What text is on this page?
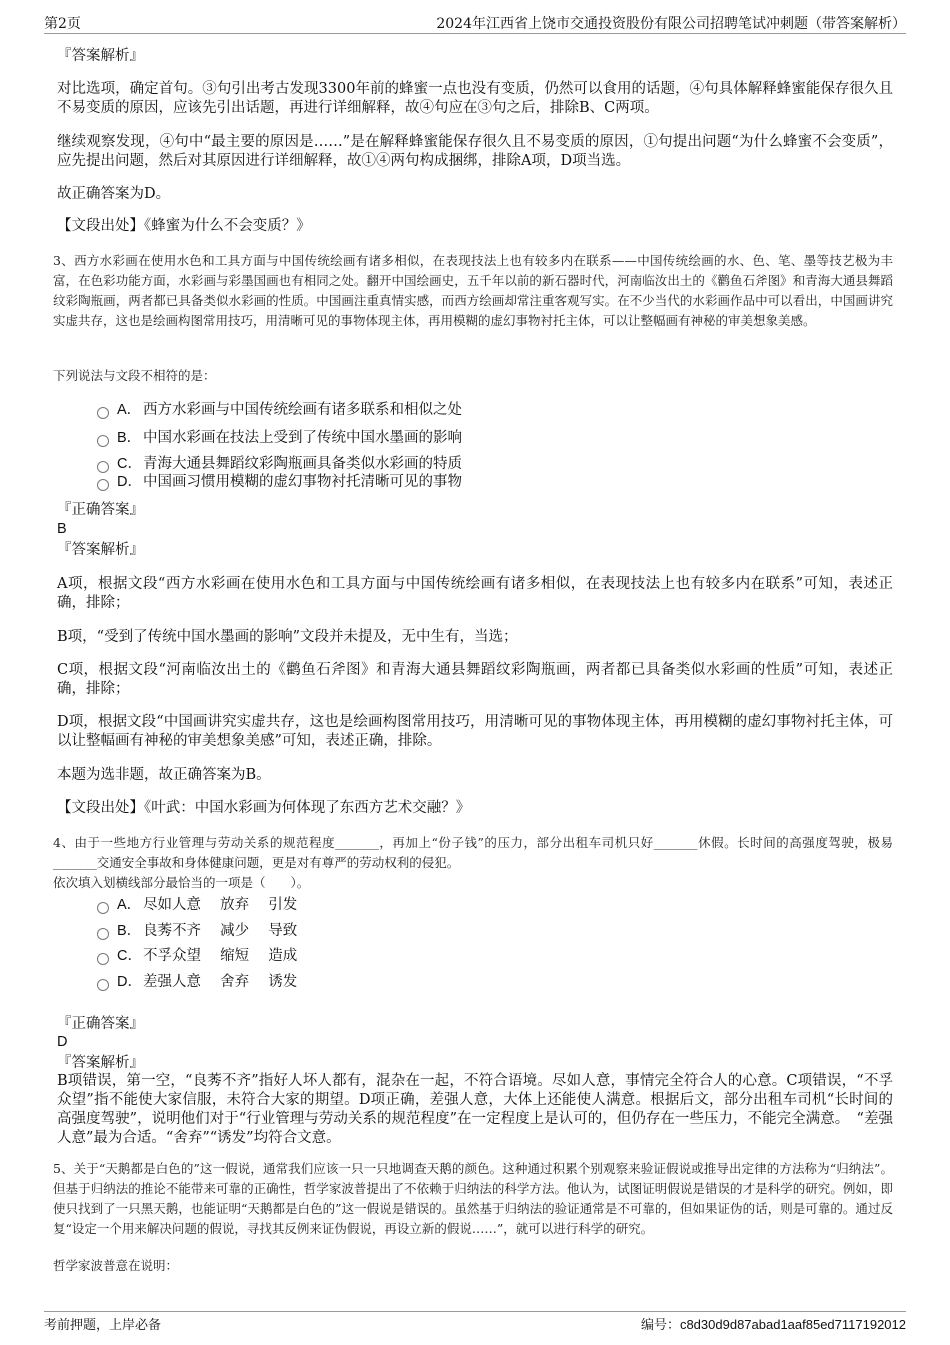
第2页	2024年江西省上饶市交通投资股份有限公司招聘笔试冲刺题（带答案解析）

『答案解析』

对比选项，确定首句。③句引出考古发现3300年前的蜂蜜一点也没有变质，仍然可以食用的话题，④句具体解释蜂蜜能保存很久且不易变质的原因，应该先引出话题，再进行详细解释，故④句应在③句之后，排除B、C两项。

继续观察发现，④句中“最主要的原因是……”是在解释蜂蜜能保存很久且不易变质的原因，①句提出问题“为什么蜂蜜不会变质”，应先提出问题，然后对其原因进行详细解释，故①④两句构成捆绑，排除A项，D项当选。

故正确答案为D。

【文段出处】《蜂蜜为什么不会变质？》

3、西方水彩画在使用水色和工具方面与中国传统绘画有诸多相似，在表现技法上也有较多内在联系——中国传统绘画的水、色、笔、墨等技艺极为丰富，在色彩功能方面，水彩画与彩墨国画也有相同之处。翻开中国绘画史，五千年以前的新石器时代，河南临汝出土的《鹳鱼石斧图》和青海大通县舞蹈纹彩陶瓶画，两者都已具备类似水彩画的性质。中国画注重真情实感，而西方绘画却常注重客观写实。在不少当代的水彩画作品中可以看出，中国画讲究实虚共存，这也是绘画构图常用技巧，用清晰可见的事物体现主体，再用模糊的虚幻事物衬托主体，可以让整幅画有神秘的审美想象美感。

下列说法与文段不相符的是：

A． 西方水彩画与中国传统绘画有诸多联系和相似之处
B． 中国水彩画在技法上受到了传统中国水墨画的影响
C． 青海大通县舞蹈纹彩陶瓶画具备类似水彩画的特质
D． 中国画习惯用模糊的虚幻事物衬托清晰可见的事物

『正确答案』

B

『答案解析』

A项，根据文段“西方水彩画在使用水色和工具方面与中国传统绘画有诸多相似，在表现技法上也有较多内在联系”可知，表述正确，排除；

B项，“受到了传统中国水墨画的影响”文段并未提及，无中生有，当选；

C项，根据文段“河南临汝出土的《鹳鱼石斧图》和青海大通县舞蹈纹彩陶瓶画，两者都已具备类似水彩画的性质”可知，表述正确，排除；

D项，根据文段“中国画讲究实虚共存，这也是绘画构图常用技巧，用清晰可见的事物体现主体，再用模糊的虚幻事物衬托主体，可以让整幅画有神秘的审美想象美感”可知，表述正确，排除。

本题为选非题，故正确答案为B。

【文段出处】《叶武：中国水彩画为何体现了东西方艺术交融？》

4、由于一些地方行业管理与劳动关系的规范程度_______，再加上“份子钱”的压力，部分出租车司机只好_______休假。长时间的高强度驾驶，极易_______交通安全事故和身体健康问题，更是对有尊严的劳动权利的侵犯。

依次填入划横线部分最恰当的一项是（　　）。

A． 尽如人意　 放弃　 引发
B． 良莠不齐　 减少　 导致
C． 不孚众望　 缩短　 造成
D． 差强人意　 舍弃　 诱发

『正确答案』

D

『答案解析』

B项错误，第一空，“良莠不齐”指好人坏人都有，混杂在一起，不符合语境。尽如人意，事情完全符合人的心意。C项错误，“不孚众望”指不能使大家信服，未符合大家的期望。D项正确，差强人意，大体上还能使人满意。根据后文，部分出租车司机“长时间的高强度驾驶”，说明他们对于“行业管理与劳动关系的规范程度”在一定程度上是认可的，但仍存在一些压力，不能完全满意。　“差强人意”最为合适。“舍弃”“诱发”均符合文意。

5、关于“天鹅都是白色的”这一假说，通常我们应该一只一只地调查天鹅的颜色。这种通过积累个别观察来验证假说或推导出定律的方法称为“归纳法”。但基于归纳法的推论不能带来可靠的正确性，哲学家波普提出了不依赖于归纳法的科学方法。他认为，试图证明假说是错误的才是科学的研究。例如，即使只找到了一只黑天鹅，也能证明“天鹅都是白色的”这一假说是错误的。虽然基于归纳法的验证通常是不可靠的，但如果证伪的话，则是可靠的。通过反复“设定一个用来解决问题的假说，寻找其反例来证伪假说，再设立新的假说……”，就可以进行科学的研究。

哲学家波普意在说明：

考前押题，上岸必备	编号：c8d30d9d87abad1aaf85ed7117192012
